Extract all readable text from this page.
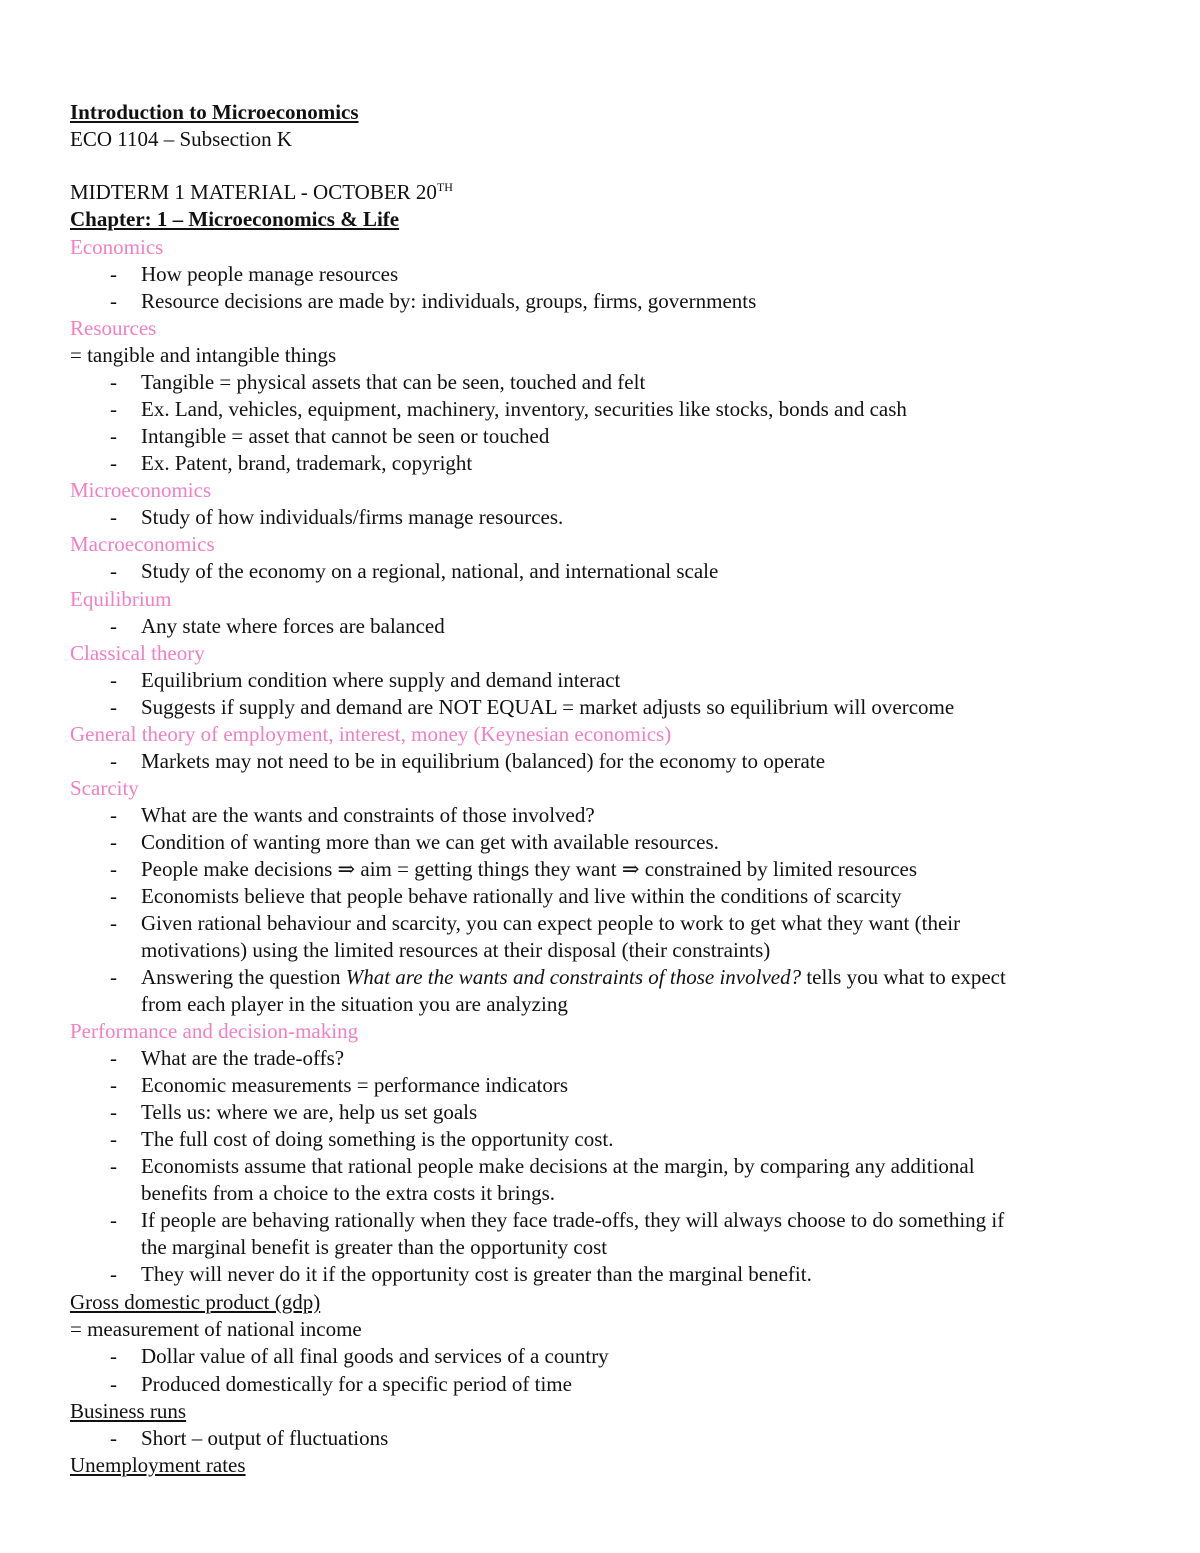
Introduction to Microeconomics
ECO 1104 – Subsection K
MIDTERM 1 MATERIAL - OCTOBER 20TH
Chapter: 1 – Microeconomics & Life
Economics
- How people manage resources
- Resource decisions are made by: individuals, groups, firms, governments
Resources
= tangible and intangible things
- Tangible = physical assets that can be seen, touched and felt
- Ex. Land, vehicles, equipment, machinery, inventory, securities like stocks, bonds and cash
- Intangible = asset that cannot be seen or touched
- Ex. Patent, brand, trademark, copyright
Microeconomics
- Study of how individuals/firms manage resources.
Macroeconomics
- Study of the economy on a regional, national, and international scale
Equilibrium
- Any state where forces are balanced
Classical theory
- Equilibrium condition where supply and demand interact
- Suggests if supply and demand are NOT EQUAL = market adjusts so equilibrium will overcome
General theory of employment, interest, money (Keynesian economics)
- Markets may not need to be in equilibrium (balanced) for the economy to operate
Scarcity
- What are the wants and constraints of those involved?
- Condition of wanting more than we can get with available resources.
- People make decisions ⇒ aim = getting things they want ⇒ constrained by limited resources
- Economists believe that people behave rationally and live within the conditions of scarcity
- Given rational behaviour and scarcity, you can expect people to work to get what they want (their
motivations) using the limited resources at their disposal (their constraints)
- Answering the question What are the wants and constraints of those involved? tells you what to expect
from each player in the situation you are analyzing
Performance and decision-making
- What are the trade-offs?
- Economic measurements = performance indicators
- Tells us: where we are, help us set goals
- The full cost of doing something is the opportunity cost.
- Economists assume that rational people make decisions at the margin, by comparing any additional
benefits from a choice to the extra costs it brings.
- If people are behaving rationally when they face trade-offs, they will always choose to do something if
the marginal benefit is greater than the opportunity cost
- They will never do it if the opportunity cost is greater than the marginal benefit.
Gross domestic product (gdp)
= measurement of national income
- Dollar value of all final goods and services of a country
- Produced domestically for a specific period of time
Business runs
- Short – output of fluctuations
Unemployment rates
